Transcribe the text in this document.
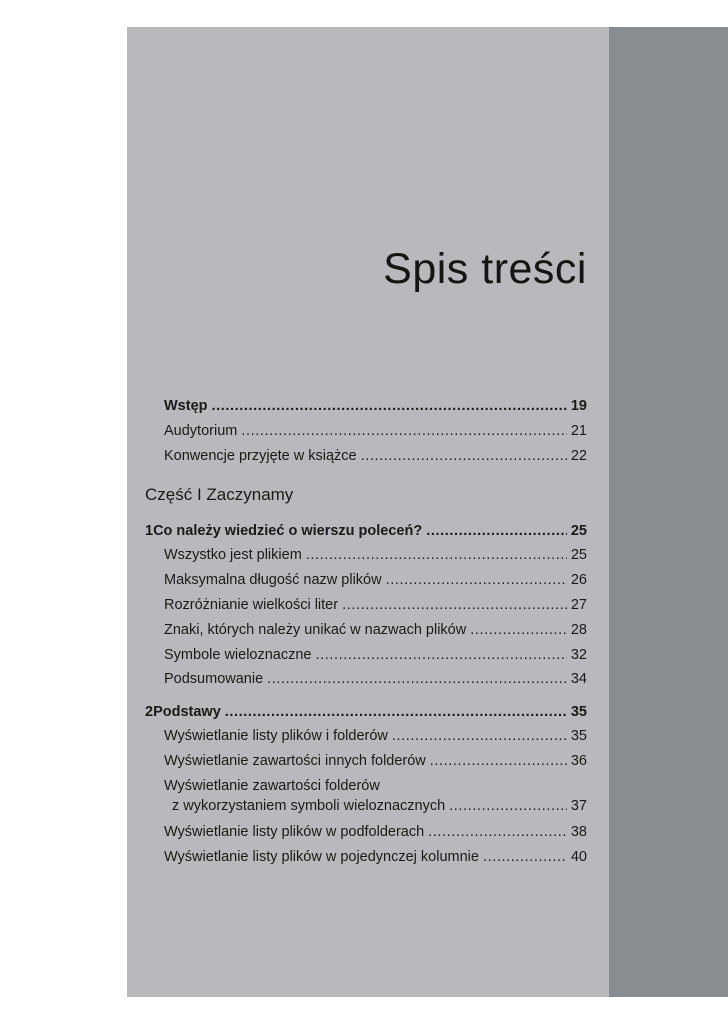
Spis treści
Wstęp .....	19
Audytorium .....	21
Konwencje przyjęte w książce .....	22
Część I Zaczynamy
1 Co należy wiedzieć o wierszu poleceń? .....	25
Wszystko jest plikiem .....	25
Maksymalna długość nazw plików .....	26
Rozróżnianie wielkości liter .....	27
Znaki, których należy unikać w nazwach plików .....	28
Symbole wieloznaczne .....	32
Podsumowanie .....	34
2 Podstawy .....	35
Wyświetlanie listy plików i folderów .....	35
Wyświetlanie zawartości innych folderów .....	36
Wyświetlanie zawartości folderów
z wykorzystaniem symboli wieloznacznych .....	37
Wyświetlanie listy plików w podfolderach .....	38
Wyświetlanie listy plików w pojedynczej kolumnie .....	40
